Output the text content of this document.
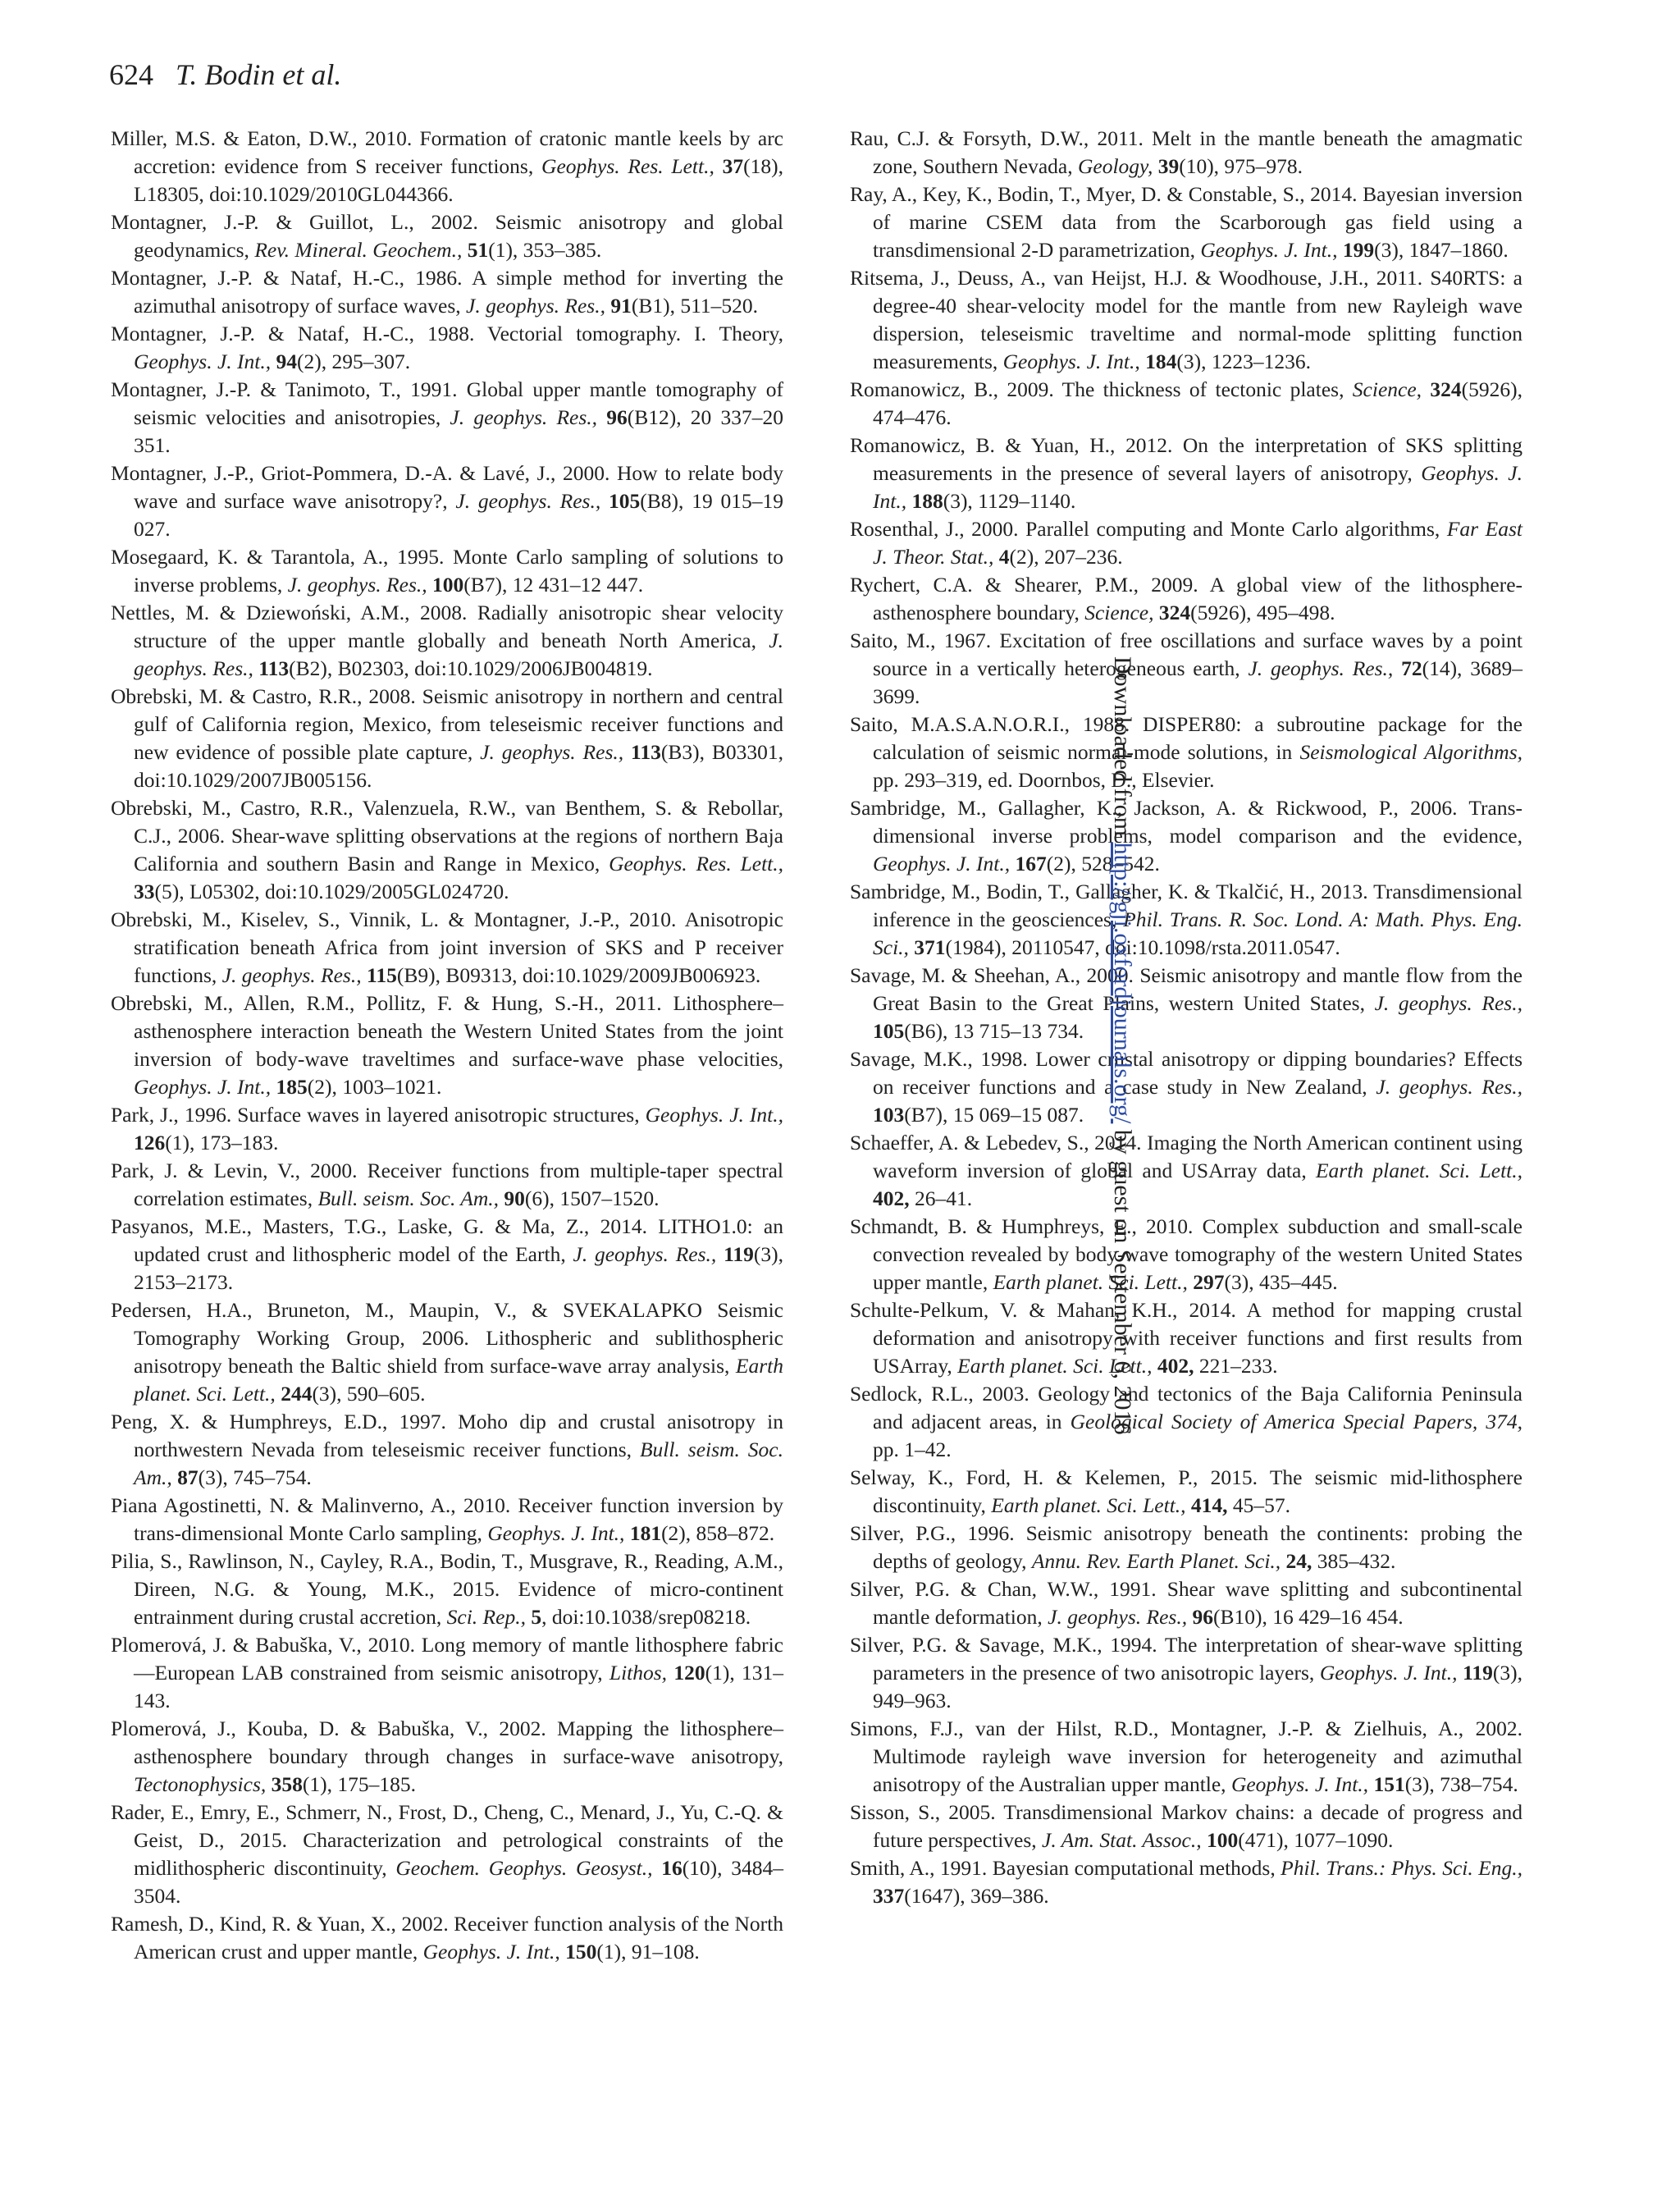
624 T. Bodin et al.

Miller, M.S. & Eaton, D.W., 2010. Formation of cratonic mantle keels by arc accretion: evidence from S receiver functions, Geophys. Res. Lett., 37(18), L18305, doi:10.1029/2010GL044366.

Montagner, J.-P. & Guillot, L., 2002. Seismic anisotropy and global geodynamics, Rev. Mineral. Geochem., 51(1), 353–385.

Montagner, J.-P. & Nataf, H.-C., 1986. A simple method for inverting the azimuthal anisotropy of surface waves, J. geophys. Res., 91(B1), 511–520.

Montagner, J.-P. & Nataf, H.-C., 1988. Vectorial tomography. I. Theory, Geophys. J. Int., 94(2), 295–307.

Montagner, J.-P. & Tanimoto, T., 1991. Global upper mantle tomography of seismic velocities and anisotropies, J. geophys. Res., 96(B12), 20 337–20 351.

Montagner, J.-P., Griot-Pommera, D.-A. & Lavé, J., 2000. How to relate body wave and surface wave anisotropy?, J. geophys. Res., 105(B8), 19 015–19 027.

Mosegaard, K. & Tarantola, A., 1995. Monte Carlo sampling of solutions to inverse problems, J. geophys. Res., 100(B7), 12 431–12 447.

Nettles, M. & Dziewoński, A.M., 2008. Radially anisotropic shear velocity structure of the upper mantle globally and beneath North America, J. geophys. Res., 113(B2), B02303, doi:10.1029/2006JB004819.

Obrebski, M. & Castro, R.R., 2008. Seismic anisotropy in northern and central gulf of California region, Mexico, from teleseismic receiver functions and new evidence of possible plate capture, J. geophys. Res., 113(B3), B03301, doi:10.1029/2007JB005156.

Obrebski, M., Castro, R.R., Valenzuela, R.W., van Benthem, S. & Rebollar, C.J., 2006. Shear-wave splitting observations at the regions of northern Baja California and southern Basin and Range in Mexico, Geophys. Res. Lett., 33(5), L05302, doi:10.1029/2005GL024720.

Obrebski, M., Kiselev, S., Vinnik, L. & Montagner, J.-P., 2010. Anisotropic stratification beneath Africa from joint inversion of SKS and P receiver functions, J. geophys. Res., 115(B9), B09313, doi:10.1029/2009JB006923.

Obrebski, M., Allen, R.M., Pollitz, F. & Hung, S.-H., 2011. Lithosphere–asthenosphere interaction beneath the Western United States from the joint inversion of body-wave traveltimes and surface-wave phase velocities, Geophys. J. Int., 185(2), 1003–1021.

Park, J., 1996. Surface waves in layered anisotropic structures, Geophys. J. Int., 126(1), 173–183.

Park, J. & Levin, V., 2000. Receiver functions from multiple-taper spectral correlation estimates, Bull. seism. Soc. Am., 90(6), 1507–1520.

Pasyanos, M.E., Masters, T.G., Laske, G. & Ma, Z., 2014. LITHO1.0: an updated crust and lithospheric model of the Earth, J. geophys. Res., 119(3), 2153–2173.

Pedersen, H.A., Bruneton, M., Maupin, V., & SVEKALAPKO Seismic Tomography Working Group, 2006. Lithospheric and sublithospheric anisotropy beneath the Baltic shield from surface-wave array analysis, Earth planet. Sci. Lett., 244(3), 590–605.

Peng, X. & Humphreys, E.D., 1997. Moho dip and crustal anisotropy in northwestern Nevada from teleseismic receiver functions, Bull. seism. Soc. Am., 87(3), 745–754.

Piana Agostinetti, N. & Malinverno, A., 2010. Receiver function inversion by trans-dimensional Monte Carlo sampling, Geophys. J. Int., 181(2), 858–872.

Pilia, S., Rawlinson, N., Cayley, R.A., Bodin, T., Musgrave, R., Reading, A.M., Direen, N.G. & Young, M.K., 2015. Evidence of micro-continent entrainment during crustal accretion, Sci. Rep., 5, doi:10.1038/srep08218.

Plomerová, J. & Babuška, V., 2010. Long memory of mantle lithosphere fabric—European LAB constrained from seismic anisotropy, Lithos, 120(1), 131–143.

Plomerová, J., Kouba, D. & Babuška, V., 2002. Mapping the lithosphere–asthenosphere boundary through changes in surface-wave anisotropy, Tectonophysics, 358(1), 175–185.

Rader, E., Emry, E., Schmerr, N., Frost, D., Cheng, C., Menard, J., Yu, C.-Q. & Geist, D., 2015. Characterization and petrological constraints of the midlithospheric discontinuity, Geochem. Geophys. Geosyst., 16(10), 3484–3504.

Ramesh, D., Kind, R. & Yuan, X., 2002. Receiver function analysis of the North American crust and upper mantle, Geophys. J. Int., 150(1), 91–108.

Rau, C.J. & Forsyth, D.W., 2011. Melt in the mantle beneath the amagmatic zone, Southern Nevada, Geology, 39(10), 975–978.

Ray, A., Key, K., Bodin, T., Myer, D. & Constable, S., 2014. Bayesian inversion of marine CSEM data from the Scarborough gas field using a transdimensional 2-D parametrization, Geophys. J. Int., 199(3), 1847–1860.

Ritsema, J., Deuss, A., van Heijst, H.J. & Woodhouse, J.H., 2011. S40RTS: a degree-40 shear-velocity model for the mantle from new Rayleigh wave dispersion, teleseismic traveltime and normal-mode splitting function measurements, Geophys. J. Int., 184(3), 1223–1236.

Romanowicz, B., 2009. The thickness of tectonic plates, Science, 324(5926), 474–476.

Romanowicz, B. & Yuan, H., 2012. On the interpretation of SKS splitting measurements in the presence of several layers of anisotropy, Geophys. J. Int., 188(3), 1129–1140.

Rosenthal, J., 2000. Parallel computing and Monte Carlo algorithms, Far East J. Theor. Stat., 4(2), 207–236.

Rychert, C.A. & Shearer, P.M., 2009. A global view of the lithosphere-asthenosphere boundary, Science, 324(5926), 495–498.

Saito, M., 1967. Excitation of free oscillations and surface waves by a point source in a vertically heterogeneous earth, J. geophys. Res., 72(14), 3689–3699.

Saito, M.A.S.A.N.O.R.I., 1988. DISPER80: a subroutine package for the calculation of seismic normal-mode solutions, in Seismological Algorithms, pp. 293–319, ed. Doornbos, D., Elsevier.

Sambridge, M., Gallagher, K., Jackson, A. & Rickwood, P., 2006. Trans-dimensional inverse problems, model comparison and the evidence, Geophys. J. Int., 167(2), 528–542.

Sambridge, M., Bodin, T., Gallagher, K. & Tkalčić, H., 2013. Transdimensional inference in the geosciences, Phil. Trans. R. Soc. Lond. A: Math. Phys. Eng. Sci., 371(1984), 20110547, doi:10.1098/rsta.2011.0547.

Savage, M. & Sheehan, A., 2000. Seismic anisotropy and mantle flow from the Great Basin to the Great Plains, western United States, J. geophys. Res., 105(B6), 13 715–13 734.

Savage, M.K., 1998. Lower crustal anisotropy or dipping boundaries? Effects on receiver functions and a case study in New Zealand, J. geophys. Res., 103(B7), 15 069–15 087.

Schaeffer, A. & Lebedev, S., 2014. Imaging the North American continent using waveform inversion of global and USArray data, Earth planet. Sci. Lett., 402, 26–41.

Schmandt, B. & Humphreys, E., 2010. Complex subduction and small-scale convection revealed by body-wave tomography of the western United States upper mantle, Earth planet. Sci. Lett., 297(3), 435–445.

Schulte-Pelkum, V. & Mahan, K.H., 2014. A method for mapping crustal deformation and anisotropy with receiver functions and first results from USArray, Earth planet. Sci. Lett., 402, 221–233.

Sedlock, R.L., 2003. Geology and tectonics of the Baja California Peninsula and adjacent areas, in Geological Society of America Special Papers, 374, pp. 1–42.

Selway, K., Ford, H. & Kelemen, P., 2015. The seismic mid-lithosphere discontinuity, Earth planet. Sci. Lett., 414, 45–57.

Silver, P.G., 1996. Seismic anisotropy beneath the continents: probing the depths of geology, Annu. Rev. Earth Planet. Sci., 24, 385–432.

Silver, P.G. & Chan, W.W., 1991. Shear wave splitting and subcontinental mantle deformation, J. geophys. Res., 96(B10), 16 429–16 454.

Silver, P.G. & Savage, M.K., 1994. The interpretation of shear-wave splitting parameters in the presence of two anisotropic layers, Geophys. J. Int., 119(3), 949–963.

Simons, F.J., van der Hilst, R.D., Montagner, J.-P. & Zielhuis, A., 2002. Multimode rayleigh wave inversion for heterogeneity and azimuthal anisotropy of the Australian upper mantle, Geophys. J. Int., 151(3), 738–754.

Sisson, S., 2005. Transdimensional Markov chains: a decade of progress and future perspectives, J. Am. Stat. Assoc., 100(471), 1077–1090.

Smith, A., 1991. Bayesian computational methods, Phil. Trans.: Phys. Sci. Eng., 337(1647), 369–386.

Downloaded from http://gji.oxfordjournals.org/ by guest on September 6, 2016
